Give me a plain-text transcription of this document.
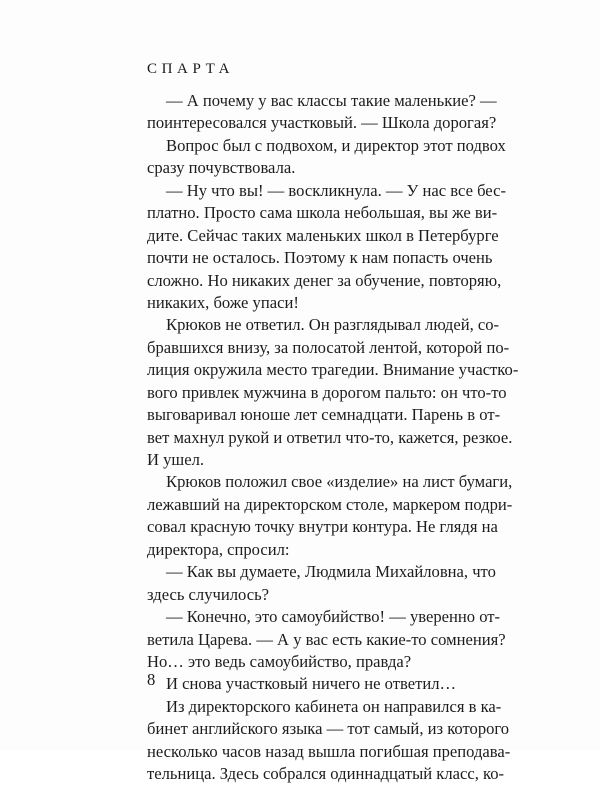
СПАРТА
— А почему у вас классы такие маленькие? —
поинтересовался участковый. — Школа дорогая?
Вопрос был с подвохом, и директор этот подвох
сразу почувствовала.
— Ну что вы! — воскликнула. — У нас все бес-
платно. Просто сама школа небольшая, вы же ви-
дите. Сейчас таких маленьких школ в Петербурге
почти не осталось. Поэтому к нам попасть очень
сложно. Но никаких денег за обучение, повторяю,
никаких, боже упаси!
Крюков не ответил. Он разглядывал людей, со-
бравшихся внизу, за полосатой лентой, которой по-
лиция окружила место трагедии. Внимание участко-
вого привлек мужчина в дорогом пальто: он что-то
выговаривал юноше лет семнадцати. Парень в от-
вет махнул рукой и ответил что-то, кажется, резкое.
И ушел.
Крюков положил свое «изделие» на лист бумаги,
лежавший на директорском столе, маркером подри-
совал красную точку внутри контура. Не глядя на
директора, спросил:
— Как вы думаете, Людмила Михайловна, что
здесь случилось?
— Конечно, это самоубийство! — уверенно от-
ветила Царева. — А у вас есть какие-то сомнения?
Но… это ведь самоубийство, правда?
И снова участковый ничего не ответил…
Из директорского кабинета он направился в ка-
бинет английского языка — тот самый, из которого
несколько часов назад вышла погибшая преподава-
тельница. Здесь собрался одиннадцатый класс, ко-
8
